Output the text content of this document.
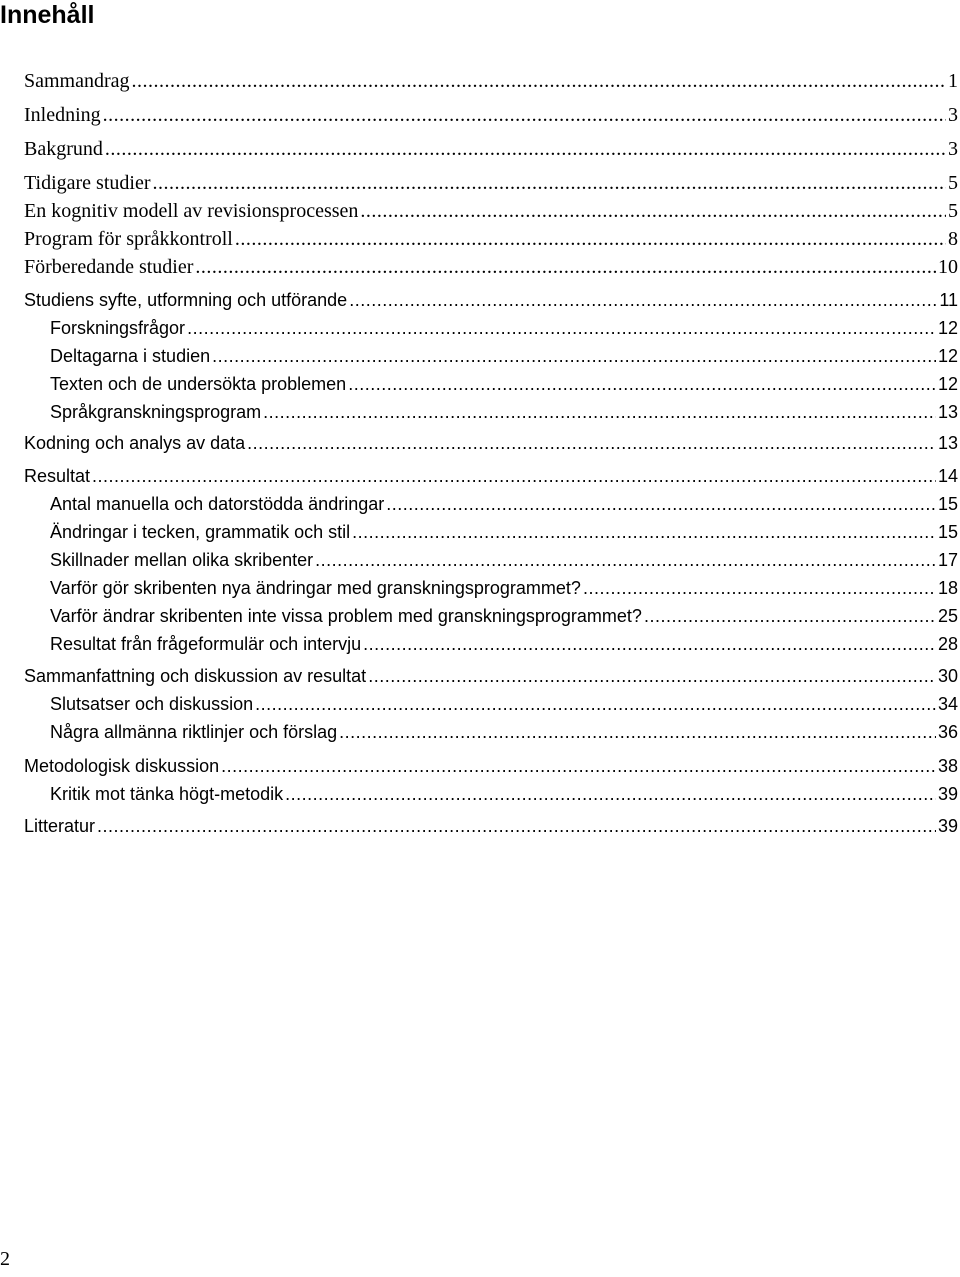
Innehåll
Sammandrag .....	1
Inledning .....	3
Bakgrund .....	3
Tidigare studier .....	5
En kognitiv modell av revisionsprocessen .....	5
Program för språkkontroll .....	8
Förberedande studier .....	10
Studiens syfte, utformning och utförande .....	11
Forskningsfrågor .....	12
Deltagarna i studien .....	12
Texten och de undersökta problemen .....	12
Språkgranskningsprogram .....	13
Kodning och analys av data .....	13
Resultat .....	14
Antal manuella och datorstödda ändringar .....	15
Ändringar i tecken, grammatik och stil .....	15
Skillnader mellan olika skribenter .....	17
Varför gör skribenten nya ändringar med granskningsprogrammet? .....	18
Varför ändrar skribenten inte vissa problem med granskningsprogrammet? .....	25
Resultat från frågeformulär och intervju .....	28
Sammanfattning och diskussion av resultat .....	30
Slutsatser och diskussion .....	34
Några allmänna riktlinjer och förslag .....	36
Metodologisk diskussion .....	38
Kritik mot tänka högt-metodik .....	39
Litteratur .....	39
2
